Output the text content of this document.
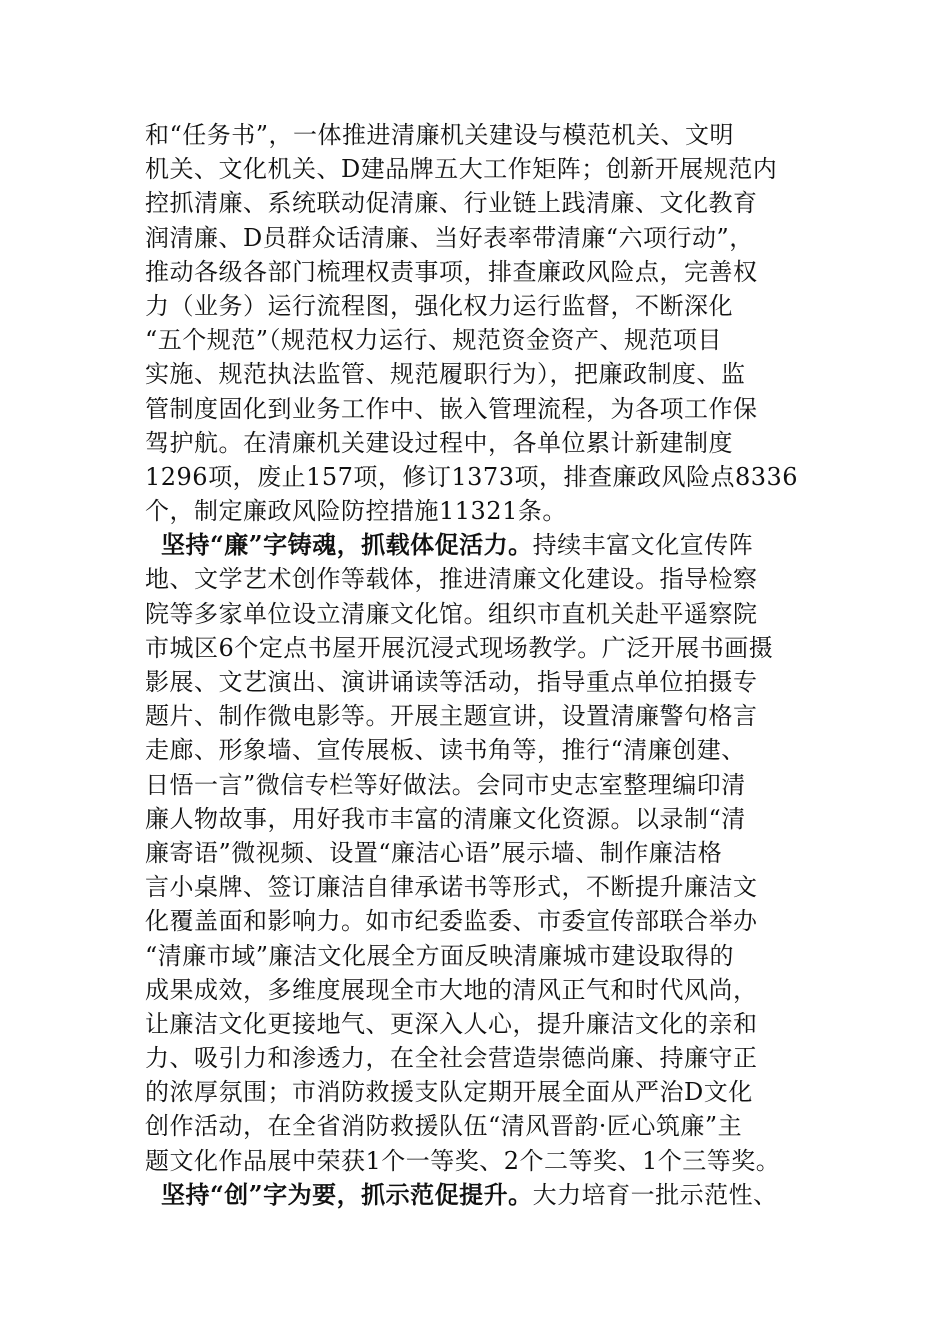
和“任务书”，一体推进清廉机关建设与模范机关、文明
机关、文化机关、D建品牌五大工作矩阵；创新开展规范内
控抓清廉、系统联动促清廉、行业链上践清廉、文化教育
润清廉、D员群众话清廉、当好表率带清廉“六项行动”，
推动各级各部门梳理权责事项，排查廉政风险点，完善权
力（业务）运行流程图，强化权力运行监督，不断深化
“五个规范”（规范权力运行、规范资金资产、规范项目
实施、规范执法监管、规范履职行为），把廉政制度、监
管制度固化到业务工作中、嵌入管理流程，为各项工作保
驾护航。在清廉机关建设过程中，各单位累计新建制度
1296项，废止157项，修订1373项，排查廉政风险点8336
个，制定廉政风险防控措施11321条。
坚持“廉”字铸魂，抓载体促活力。持续丰富文化宣传阵
地、文学艺术创作等载体，推进清廉文化建设。指导检察
院等多家单位设立清廉文化馆。组织市直机关赴平遥察院
市城区6个定点书屋开展沉浸式现场教学。广泛开展书画摄
影展、文艺演出、演讲诵读等活动，指导重点单位拍摄专
题片、制作微电影等。开展主题宣讲，设置清廉警句格言
走廊、形象墙、宣传展板、读书角等，推行“清廉创建、
日悟一言”微信专栏等好做法。会同市史志室整理编印清
廉人物故事，用好我市丰富的清廉文化资源。以录制“清
廉寄语”微视频、设置“廉洁心语”展示墙、制作廉洁格
言小桌牌、签订廉洁自律承诺书等形式，不断提升廉洁文
化覆盖面和影响力。如市纪委监委、市委宣传部联合举办
“清廉市域”廉洁文化展全方面反映清廉城市建设取得的
成果成效，多维度展现全市大地的清风正气和时代风尚，
让廉洁文化更接地气、更深入人心，提升廉洁文化的亲和
力、吸引力和渗透力，在全社会营造崇德尚廉、持廉守正
的浓厚氛围；市消防救援支队定期开展全面从严治D文化
创作活动，在全省消防救援队伍“清风晋韵·匠心筑廉”主
题文化作品展中荣获1个一等奖、2个二等奖、1个三等奖。
坚持“创”字为要，抓示范促提升。大力培育一批示范性、
